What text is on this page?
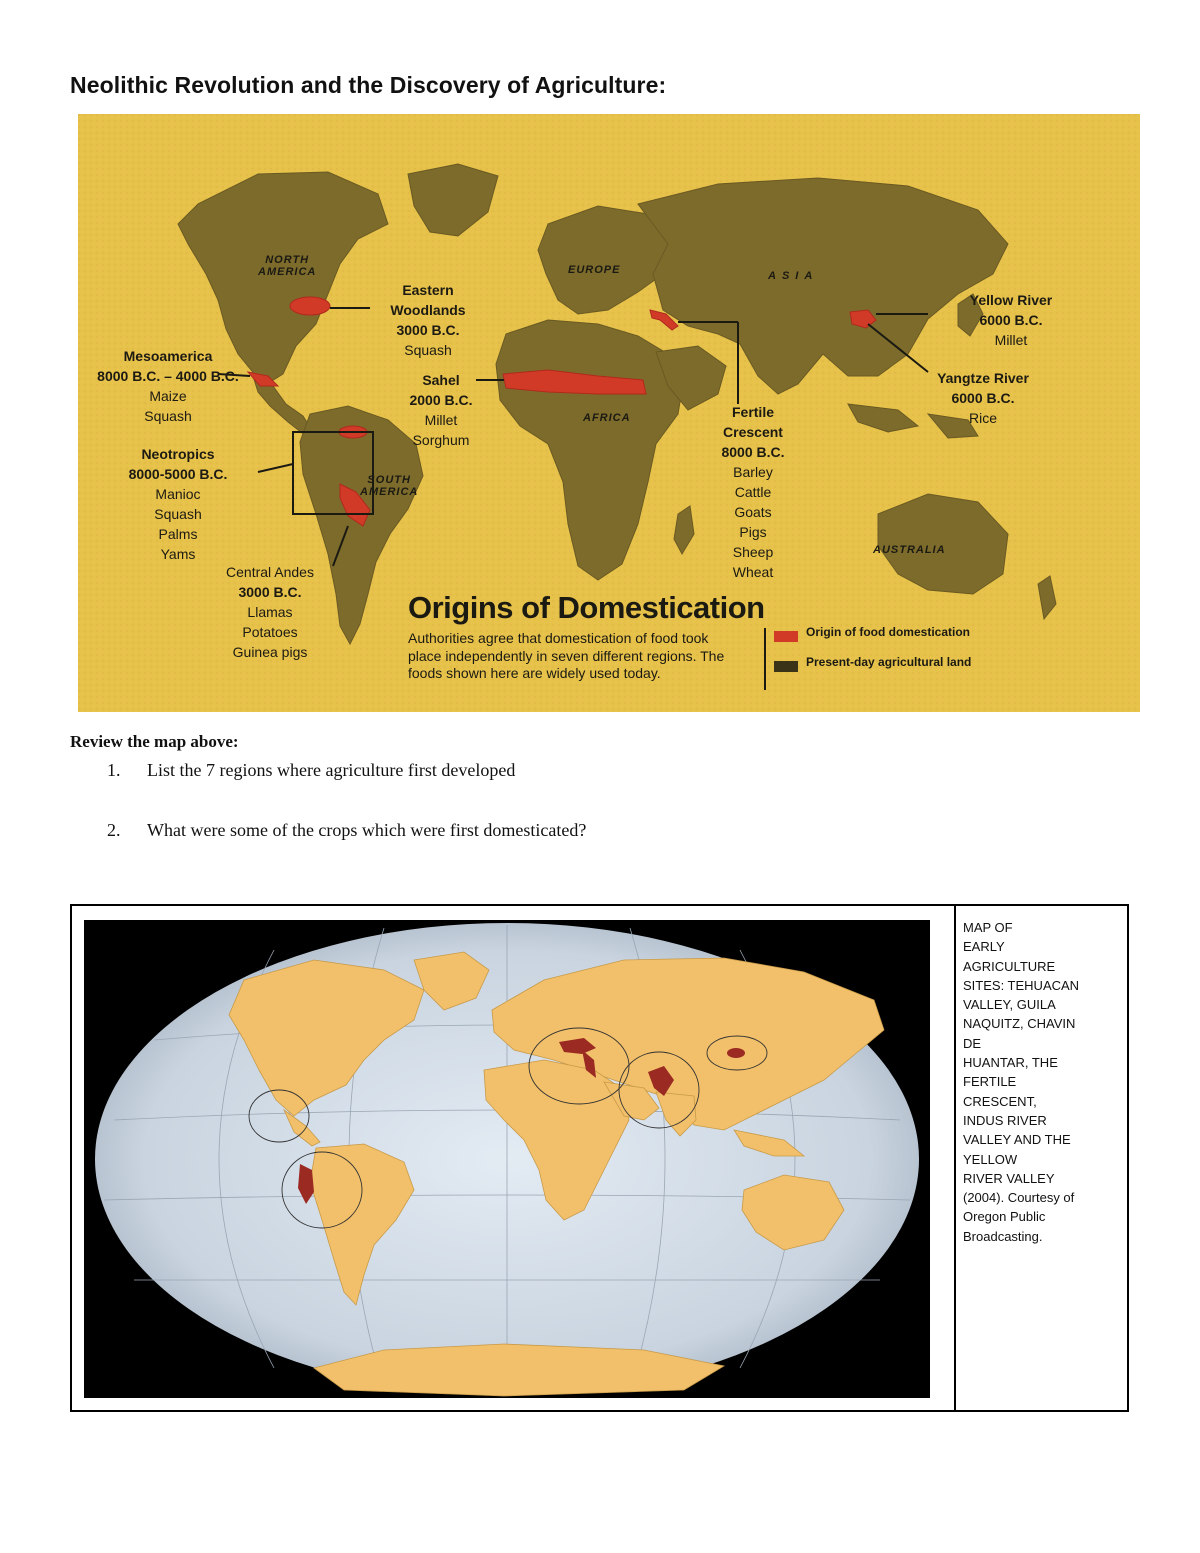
Neolithic Revolution and the Discovery of Agriculture:
NORTH
AMERICA	EUROPE	ASIA
AFRICA
SOUTH
AMERICA
AUSTRALIA
Eastern
Woodlands
3000 B.C.
Squash
Mesoamerica
8000 B.C. – 4000 B.C.
Maize
Squash
Sahel
2000 B.C.
Millet
Sorghum
Neotropics
8000-5000 B.C.
Manioc
Squash
Palms
Yams
Central Andes
3000 B.C.
Llamas
Potatoes
Guinea pigs
Fertile
Crescent
8000 B.C.
Barley
Cattle
Goats
Pigs
Sheep
Wheat
Yellow River
6000 B.C.
Millet
Yangtze River
6000 B.C.
Rice
Origins of Domestication
Authorities agree that domestication of food took place independently in seven different regions. The foods shown here are widely used today.
Origin of food domestication
Present-day agricultural land
Review the map above:
1. List the 7 regions where agriculture first developed
2. What were some of the crops which were first domesticated?
MAP OF
EARLY
AGRICULTURE
SITES: TEHUACAN
VALLEY, GUILA
NAQUITZ, CHAVIN
DE
HUANTAR, THE
FERTILE
CRESCENT,
INDUS RIVER
VALLEY AND THE
YELLOW
RIVER VALLEY
(2004). Courtesy of
Oregon Public
Broadcasting.
